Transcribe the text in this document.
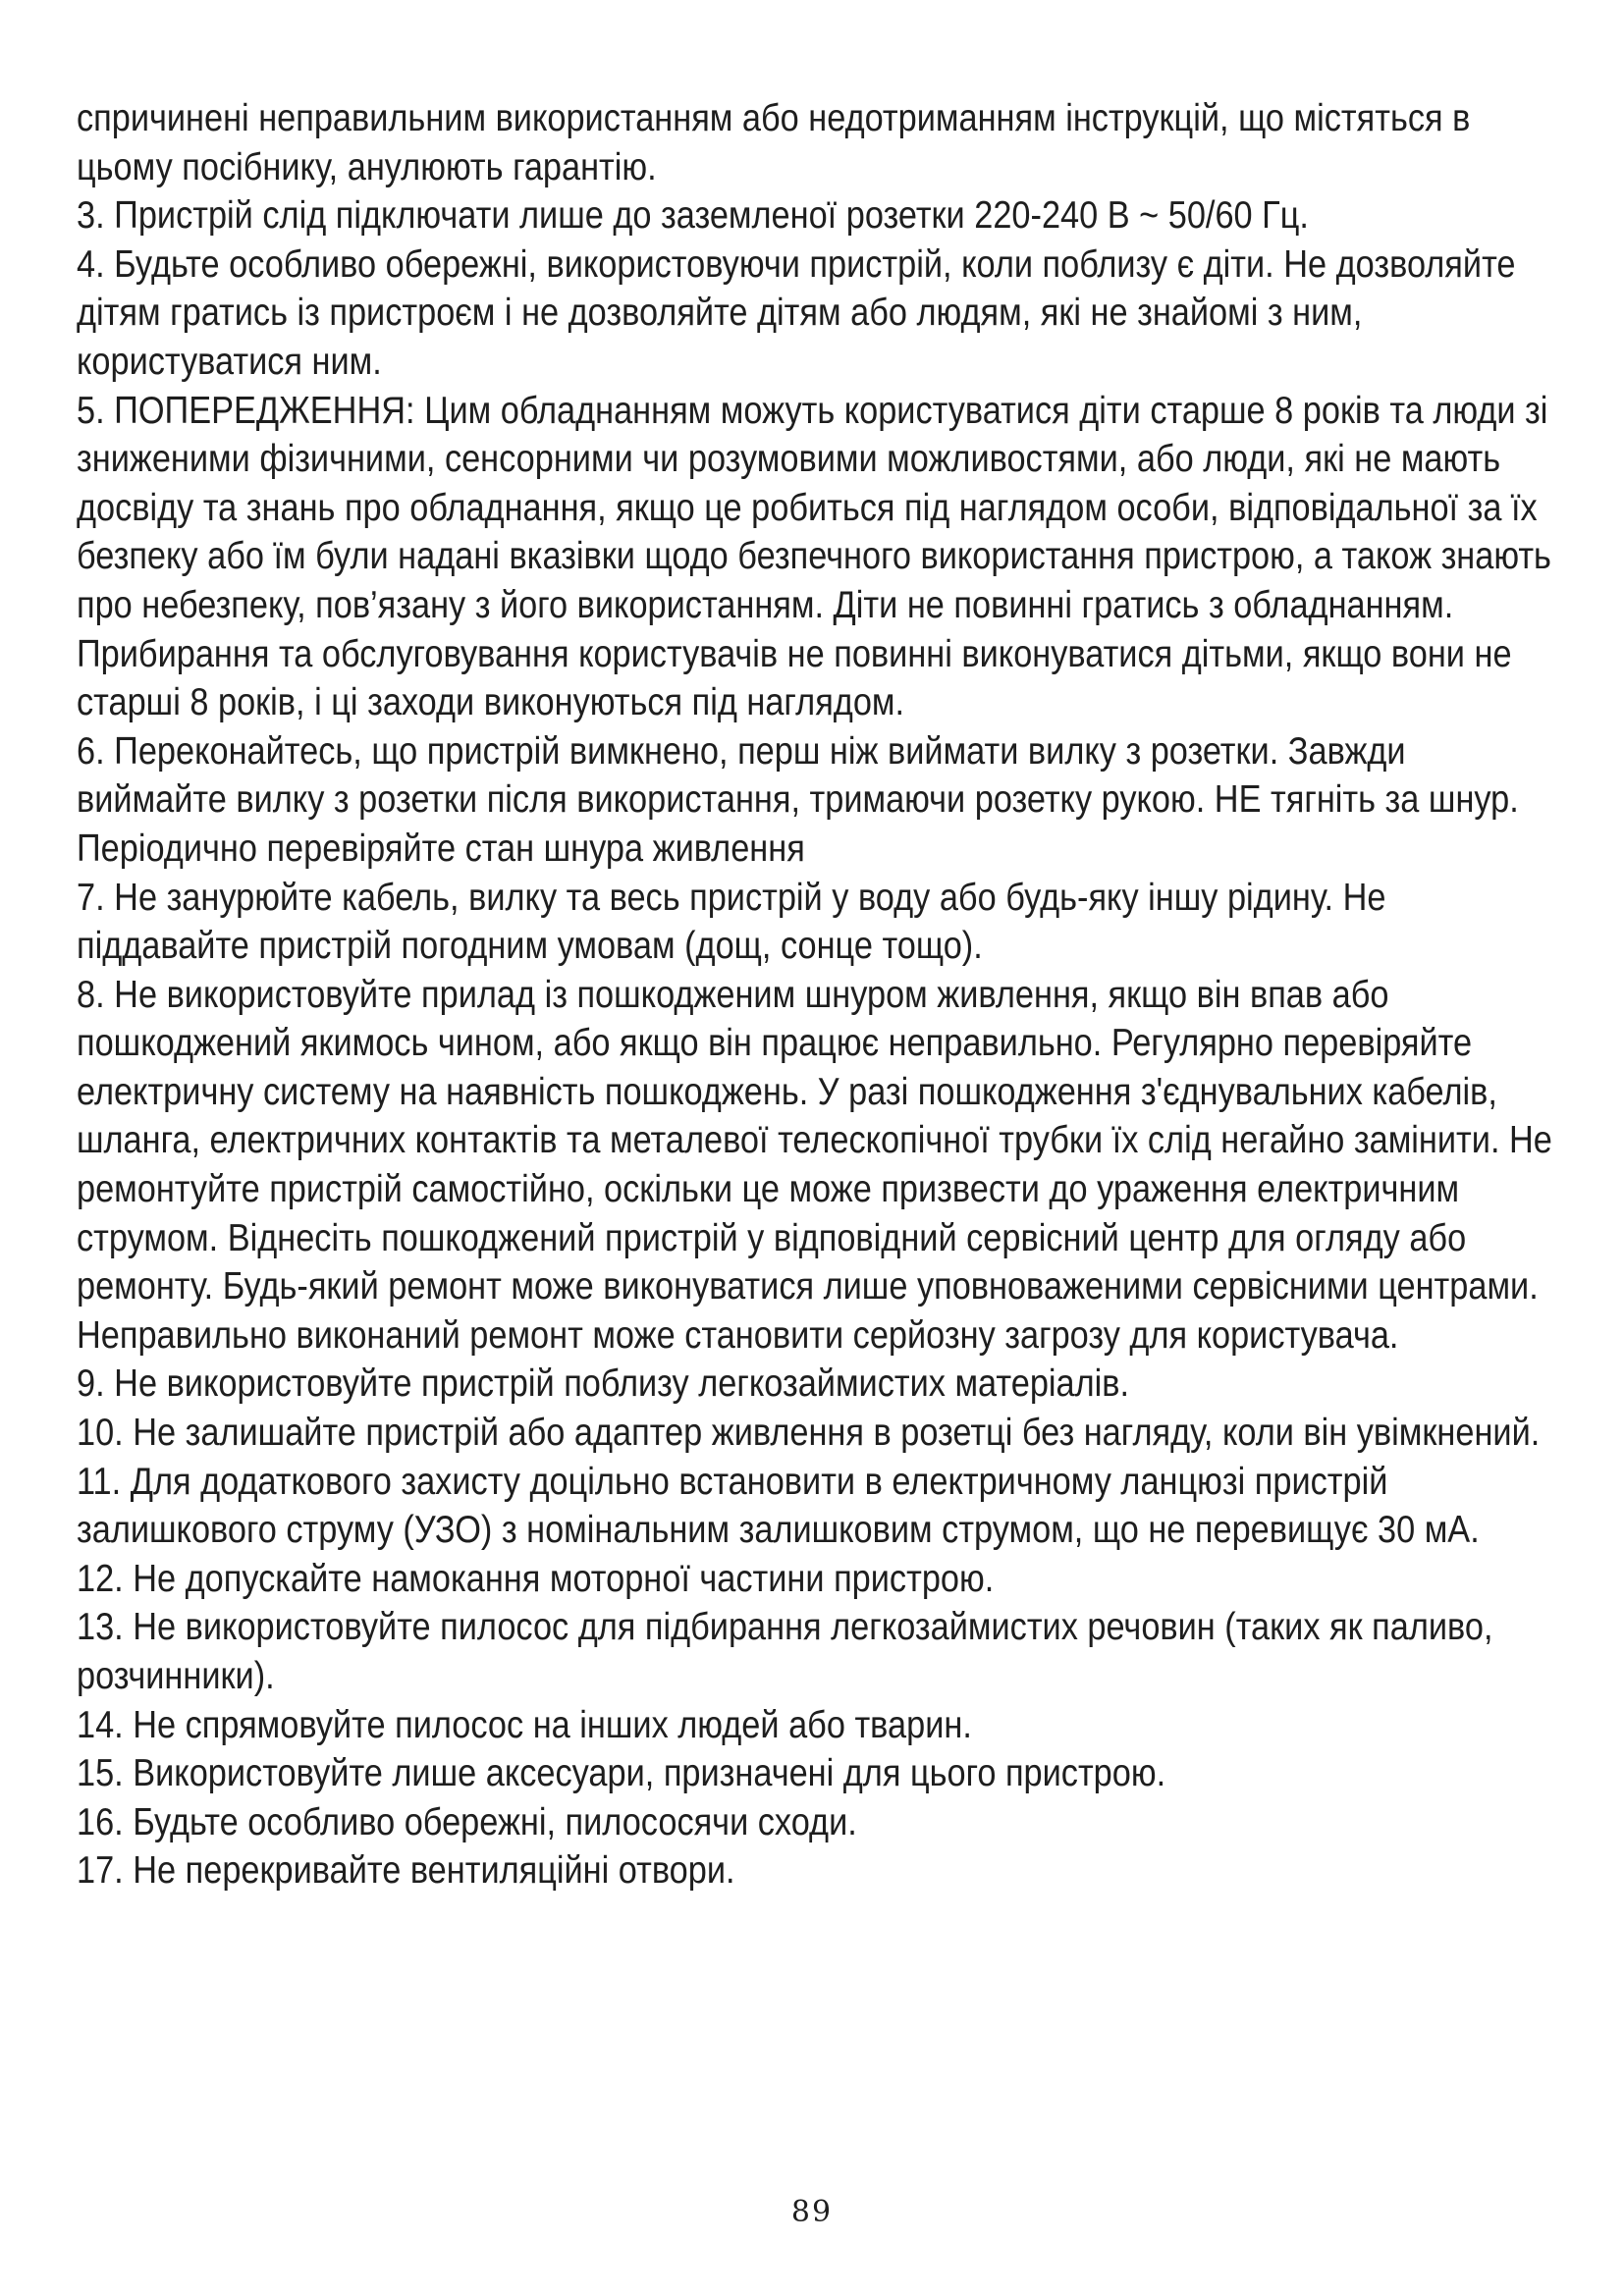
спричинені неправильним використанням або недотриманням інструкцій, що містяться в цьому посібнику, анулюють гарантію.

3. Пристрій слід підключати лише до заземленої розетки 220-240 В ~ 50/60 Гц.

4. Будьте особливо обережні, використовуючи пристрій, коли поблизу є діти. Не дозволяйте дітям гратись із пристроєм і не дозволяйте дітям або людям, які не знайомі з ним, користуватися ним.

5. ПОПЕРЕДЖЕННЯ: Цим обладнанням можуть користуватися діти старше 8 років та люди зі зниженими фізичними, сенсорними чи розумовими можливостями, або люди, які не мають досвіду та знань про обладнання, якщо це робиться під наглядом особи, відповідальної за їх безпеку або їм були надані вказівки щодо безпечного використання пристрою, а також знають про небезпеку, пов’язану з його використанням. Діти не повинні гратись з обладнанням. Прибирання та обслуговування користувачів не повинні виконуватися дітьми, якщо вони не старші 8 років, і ці заходи виконуються під наглядом.

6. Переконайтесь, що пристрій вимкнено, перш ніж виймати вилку з розетки. Завжди виймайте вилку з розетки після використання, тримаючи розетку рукою. НЕ тягніть за шнур. Періодично перевіряйте стан шнура живлення

7. Не занурюйте кабель, вилку та весь пристрій у воду або будь-яку іншу рідину. Не піддавайте пристрій погодним умовам (дощ, сонце тощо).

8. Не використовуйте прилад із пошкодженим шнуром живлення, якщо він впав або пошкоджений якимось чином, або якщо він працює неправильно. Регулярно перевіряйте електричну систему на наявність пошкоджень. У разі пошкодження з'єднувальних кабелів, шланга, електричних контактів та металевої телескопічної трубки їх слід негайно замінити. Не ремонтуйте пристрій самостійно, оскільки це може призвести до ураження електричним струмом. Віднесіть пошкоджений пристрій у відповідний сервісний центр для огляду або ремонту. Будь-який ремонт може виконуватися лише уповноваженими сервісними центрами. Неправильно виконаний ремонт може становити серйозну загрозу для користувача.

9. Не використовуйте пристрій поблизу легкозаймистих матеріалів.

10. Не залишайте пристрій або адаптер живлення в розетці без нагляду, коли він увімкнений.

11. Для додаткового захисту доцільно встановити в електричному ланцюзі пристрій залишкового струму (УЗО) з номінальним залишковим струмом, що не перевищує 30 мА.

12. Не допускайте намокання моторної частини пристрою.

13. Не використовуйте пилосос для підбирання легкозаймистих речовин (таких як паливо, розчинники).

14. Не спрямовуйте пилосос на інших людей або тварин.

15. Використовуйте лише аксесуари, призначені для цього пристрою.

16. Будьте особливо обережні, пилососячи сходи.

17. Не перекривайте вентиляційні отвори.

89
